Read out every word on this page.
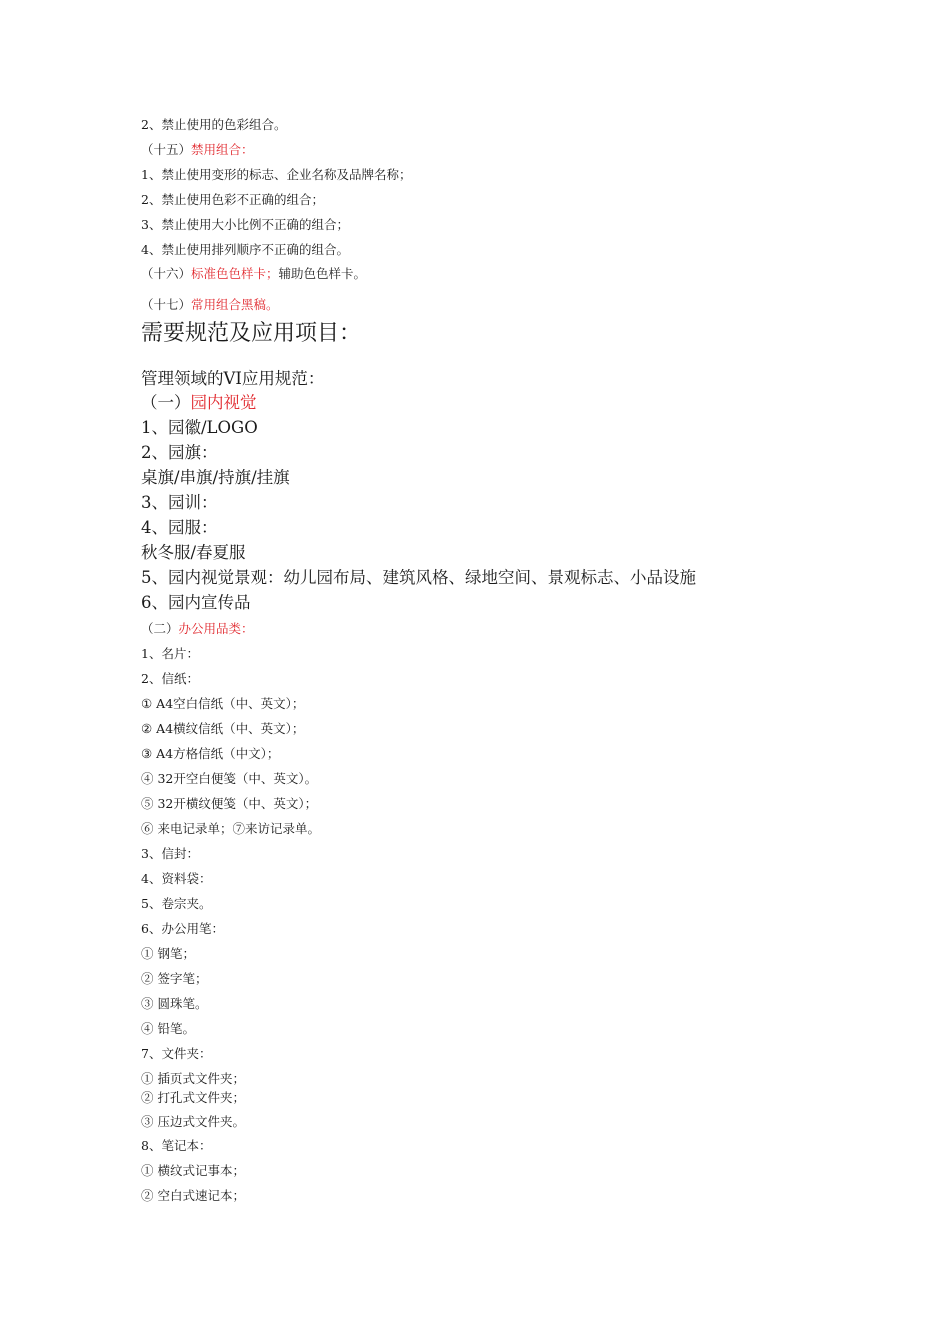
2、禁止使用的色彩组合。
（十五）禁用组合：
1、禁止使用变形的标志、企业名称及品牌名称；
2、禁止使用色彩不正确的组合；
3、禁止使用大小比例不正确的组合；
4、禁止使用排列顺序不正确的组合。
（十六）标准色色样卡；辅助色色样卡。
（十七）常用组合黑稿。
需要规范及应用项目：
管理领域的VI应用规范：
（一）园内视觉
1、园徽/LOGO
2、园旗：
桌旗/串旗/持旗/挂旗
3、园训：
4、园服：
秋冬服/春夏服
5、园内视觉景观：幼儿园布局、建筑风格、绿地空间、景观标志、小品设施
6、园内宣传品
（二）办公用品类：
1、名片：
2、信纸：
① A4空白信纸（中、英文）；
② A4横纹信纸（中、英文）；
③ A4方格信纸（中文）；
④ 32开空白便笺（中、英文）。
⑤ 32开横纹便笺（中、英文）；
⑥ 来电记录单；⑦来访记录单。
3、信封：
4、资料袋：
5、卷宗夹。
6、办公用笔：
① 钢笔；
② 签字笔；
③ 圆珠笔。
④ 铅笔。
7、文件夹：
① 插页式文件夹；
② 打孔式文件夹；
③ 压边式文件夹。
8、笔记本：
① 横纹式记事本；
② 空白式速记本；
